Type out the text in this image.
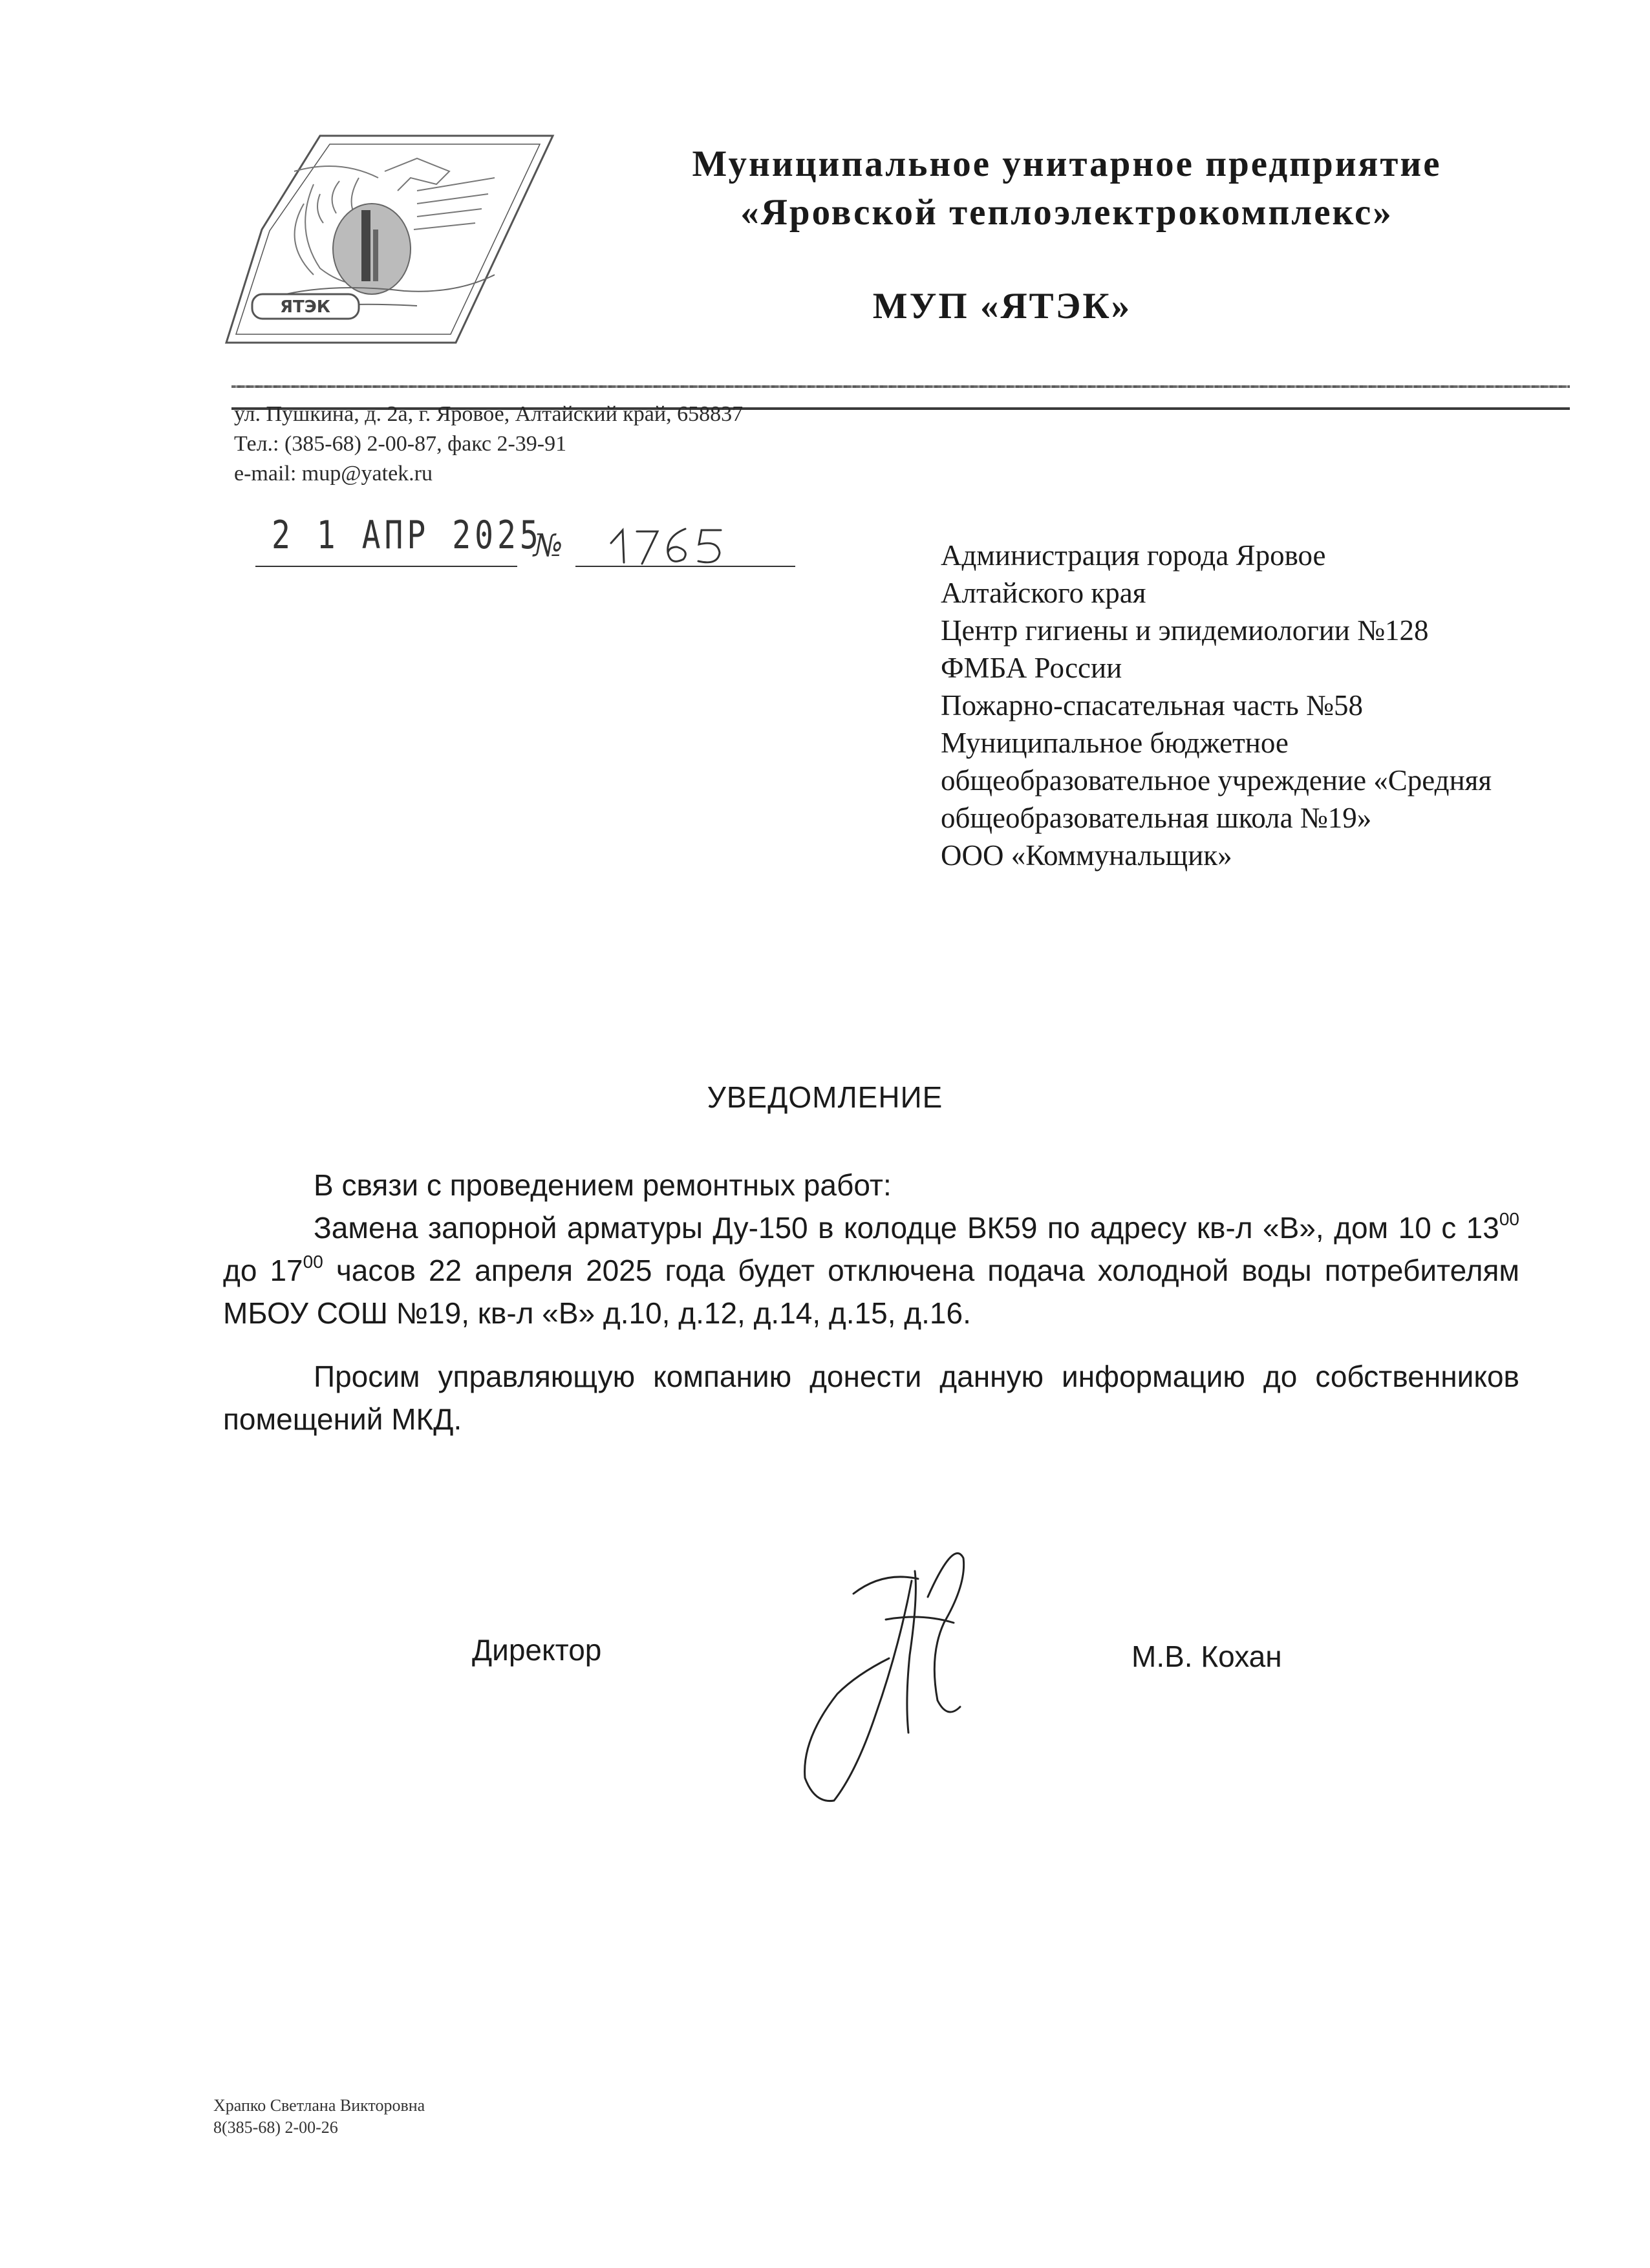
ЯТЭК
Муниципальное унитарное предприятие
«Яровской теплоэлектрокомплекс»
МУП «ЯТЭК»
ул. Пушкина, д. 2а, г. Яровое, Алтайский край, 658837
Тел.: (385-68) 2-00-87, факс 2-39-91
e-mail: mup@yatek.ru
2 1 АПР 2025
№	Администрация города Яровое
Алтайского края
Центр гигиены и эпидемиологии №128
ФМБА России
Пожарно-спасательная часть №58
Муниципальное бюджетное
общеобразовательное учреждение «Средняя
общеобразовательная школа №19»
ООО «Коммунальщик»
УВЕДОМЛЕНИЕ

В связи с проведением ремонтных работ:

Замена запорной арматуры Ду-150 в колодце ВК59 по адресу кв-л «В», дом 10 с $13^{00}$ до $17^{00}$ часов 22 апреля 2025 года будет отключена подача холодной воды потребителям МБОУ СОШ №19, кв-л «В» д.10, д.12, д.14, д.15, д.16.

Просим управляющую компанию донести данную информацию до собственников помещений МКД.

Директор	М.В. Кохан
Храпко Светлана Викторовна
8(385-68) 2-00-26
